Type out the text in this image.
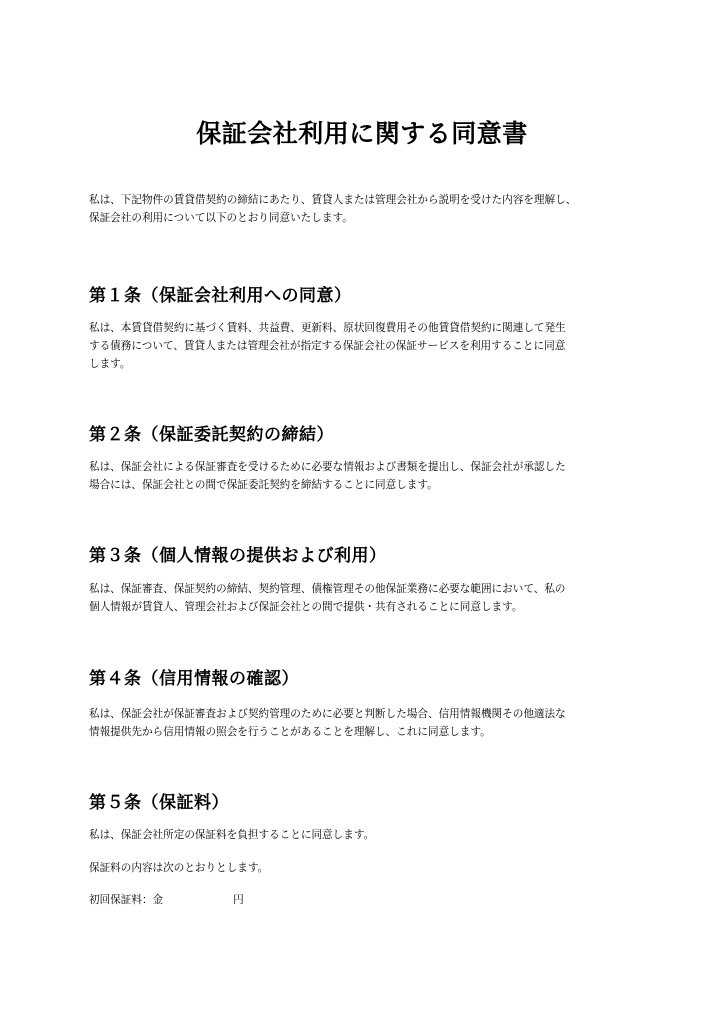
保証会社利用に関する同意書

私は、下記物件の賃貸借契約の締結にあたり、賃貸人または管理会社から説明を受けた内容を理解し、
保証会社の利用について以下のとおり同意いたします。

第１条（保証会社利用への同意）

私は、本賃貸借契約に基づく賃料、共益費、更新料、原状回復費用その他賃貸借契約に関連して発生
する債務について、賃貸人または管理会社が指定する保証会社の保証サービスを利用することに同意
します。

第２条（保証委託契約の締結）

私は、保証会社による保証審査を受けるために必要な情報および書類を提出し、保証会社が承認した
場合には、保証会社との間で保証委託契約を締結することに同意します。

第３条（個人情報の提供および利用）

私は、保証審査、保証契約の締結、契約管理、債権管理その他保証業務に必要な範囲において、私の
個人情報が賃貸人、管理会社および保証会社との間で提供・共有されることに同意します。

第４条（信用情報の確認）

私は、保証会社が保証審査および契約管理のために必要と判断した場合、信用情報機関その他適法な
情報提供先から信用情報の照会を行うことがあることを理解し、これに同意します。

第５条（保証料）

私は、保証会社所定の保証料を負担することに同意します。

保証料の内容は次のとおりとします。

初回保証料：金	円
